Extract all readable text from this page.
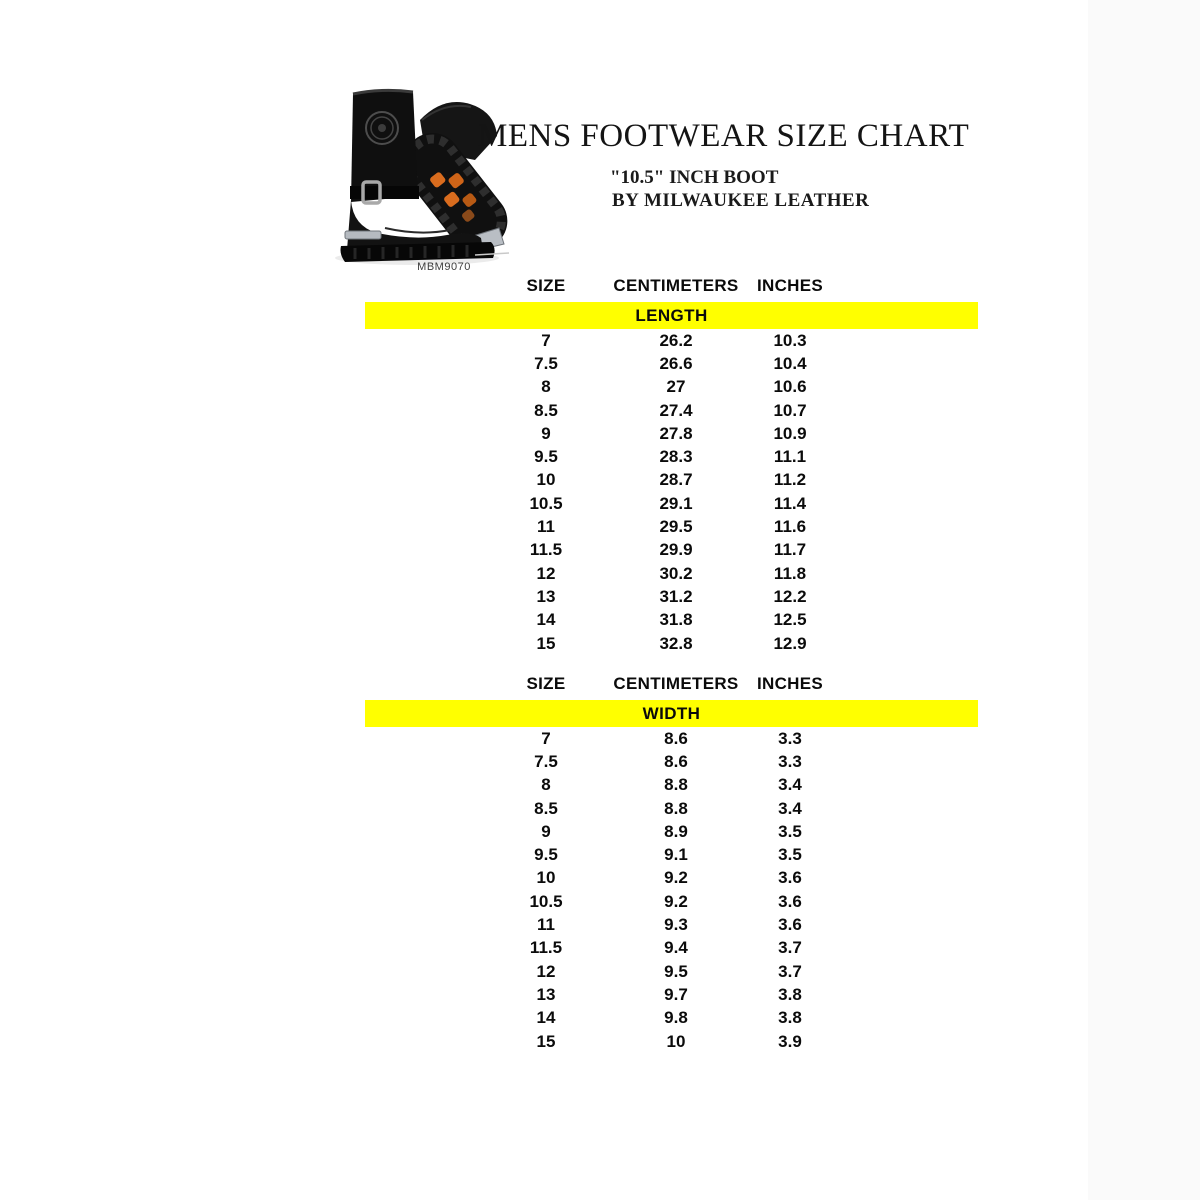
MBM9070
MENS FOOTWEAR SIZE CHART
"10.5" INCH BOOT
BY MILWAUKEE LEATHER
SIZE	CENTIMETERS INCHES
LENGTH
7	26.2	10.3
7.5	26.6	10.4
8	27	10.6
8.5	27.4	10.7
9	27.8	10.9
9.5	28.3	11.1
10	28.7	11.2
10.5	29.1	11.4
11	29.5	11.6
11.5	29.9	11.7
12	30.2	11.8
13	31.2	12.2
14	31.8	12.5
15	32.8	12.9
SIZE	CENTIMETERS INCHES
WIDTH
7	8.6	3.3
7.5	8.6	3.3
8	8.8	3.4
8.5	8.8	3.4
9	8.9	3.5
9.5	9.1	3.5
10	9.2	3.6
10.5	9.2	3.6
11	9.3	3.6
11.5	9.4	3.7
12	9.5	3.7
13	9.7	3.8
14	9.8	3.8
15	10	3.9
